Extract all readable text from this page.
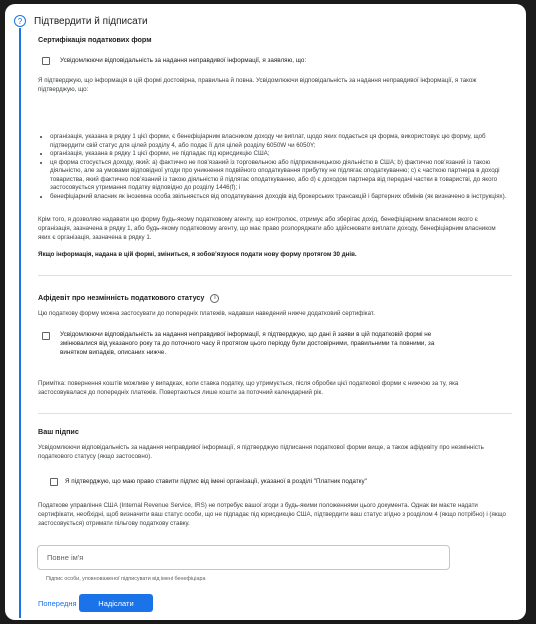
?	Підтвердити й підписати
Сертифікація податкових форм
Усвідомлюючи відповідальність за надання неправдивої інформації, я заявляю, що:
Я підтверджую, що інформація в цій формі достовірна, правильна й повна. Усвідомлюючи відповідальність за надання неправдивої інформації, я також підтверджую, що:
• організація, указана в рядку 1 цієї форми, є бенефіціарним власником доходу чи виплат, щодо яких подається ця форма, використовує цю форму, щоб підтвердити свій статус для цілей розділу 4, або подає її для цілей розділу 6050W чи 6050Y;
• організація, указана в рядку 1 цієї форми, не підпадає під юрисдикцію США;
• ця форма стосується доходу, який: а) фактично не пов’язаний із торговельною або підприємницькою діяльністю в США; b) фактично пов’язаний із такою діяльністю, але за умовами відповідної угоди про уникнення подвійного оподаткування прибутку не підлягає оподаткуванню; c) є часткою партнера в доході товариства, який фактично пов’язаний із такою діяльністю й підлягає оподаткуванню, або d) є доходом партнера від передачі частки в товаристві, до якого застосовується утримання податку відповідно до розділу 1446(f); і
• бенефіціарний власник як іноземна особа звільняється від оподаткування доходів від брокерських трансакцій і бартерних обмінів (як визначено в інструкціях).
Крім того, я дозволяю надавати цю форму будь-якому податковому агенту, що контролює, отримує або зберігає дохід, бенефіціарним власником якого є організація, зазначена в рядку 1, або будь-якому податковому агенту, що має право розпоряджати або здійснювати виплати доходу, бенефіціарним власником яких є організація, зазначена в рядку 1.
Якщо інформація, надана в цій формі, зміниться, я зобов’язуюся подати нову форму протягом 30 днів.
Афідевіт про незмінність податкового статусу i
Цю податкову форму можна застосувати до попередніх платежів, надавши наведений нижче додатковий сертифікат.
Усвідомлюючи відповідальність за надання неправдивої інформації, я підтверджую, що дані й заяви в цій податковій формі не змінювалися від указаного року та до поточного часу й протягом цього періоду були достовірними, правильними та повними, за винятком випадків, описаних нижче.
Примітка: повернення коштів можливе у випадках, коли ставка податку, що утримується, після обробки цієї податкової форми є нижчою за ту, яка застосовувалася до попередніх платежів. Повертаються лише кошти за поточний календарний рік.
Ваш підпис
Усвідомлюючи відповідальність за надання неправдивої інформації, я підтверджую підписання податкової форми вище, а також афідевіту про незмінність податкового статусу (якщо застосовно).
Я підтверджую, що маю право ставити підпис від імені організації, указаної в розділі "Платник податку"
Податкове управління США (Internal Revenue Service, IRS) не потребує вашої згоди з будь-якими положеннями цього документа. Однак ви маєте надати сертифікати, необхідні, щоб визначити ваш статус особи, що не підпадає під юрисдикцію США, підтвердити ваш статус згідно з розділом 4 (якщо потрібно) і (якщо застосовується) отримати пільгову податкову ставку.
Повне ім'я
Підпис особи, уповноваженої підписувати від імені бенефіціара
Попередня	Надіслати	SᵾBSᵾB
